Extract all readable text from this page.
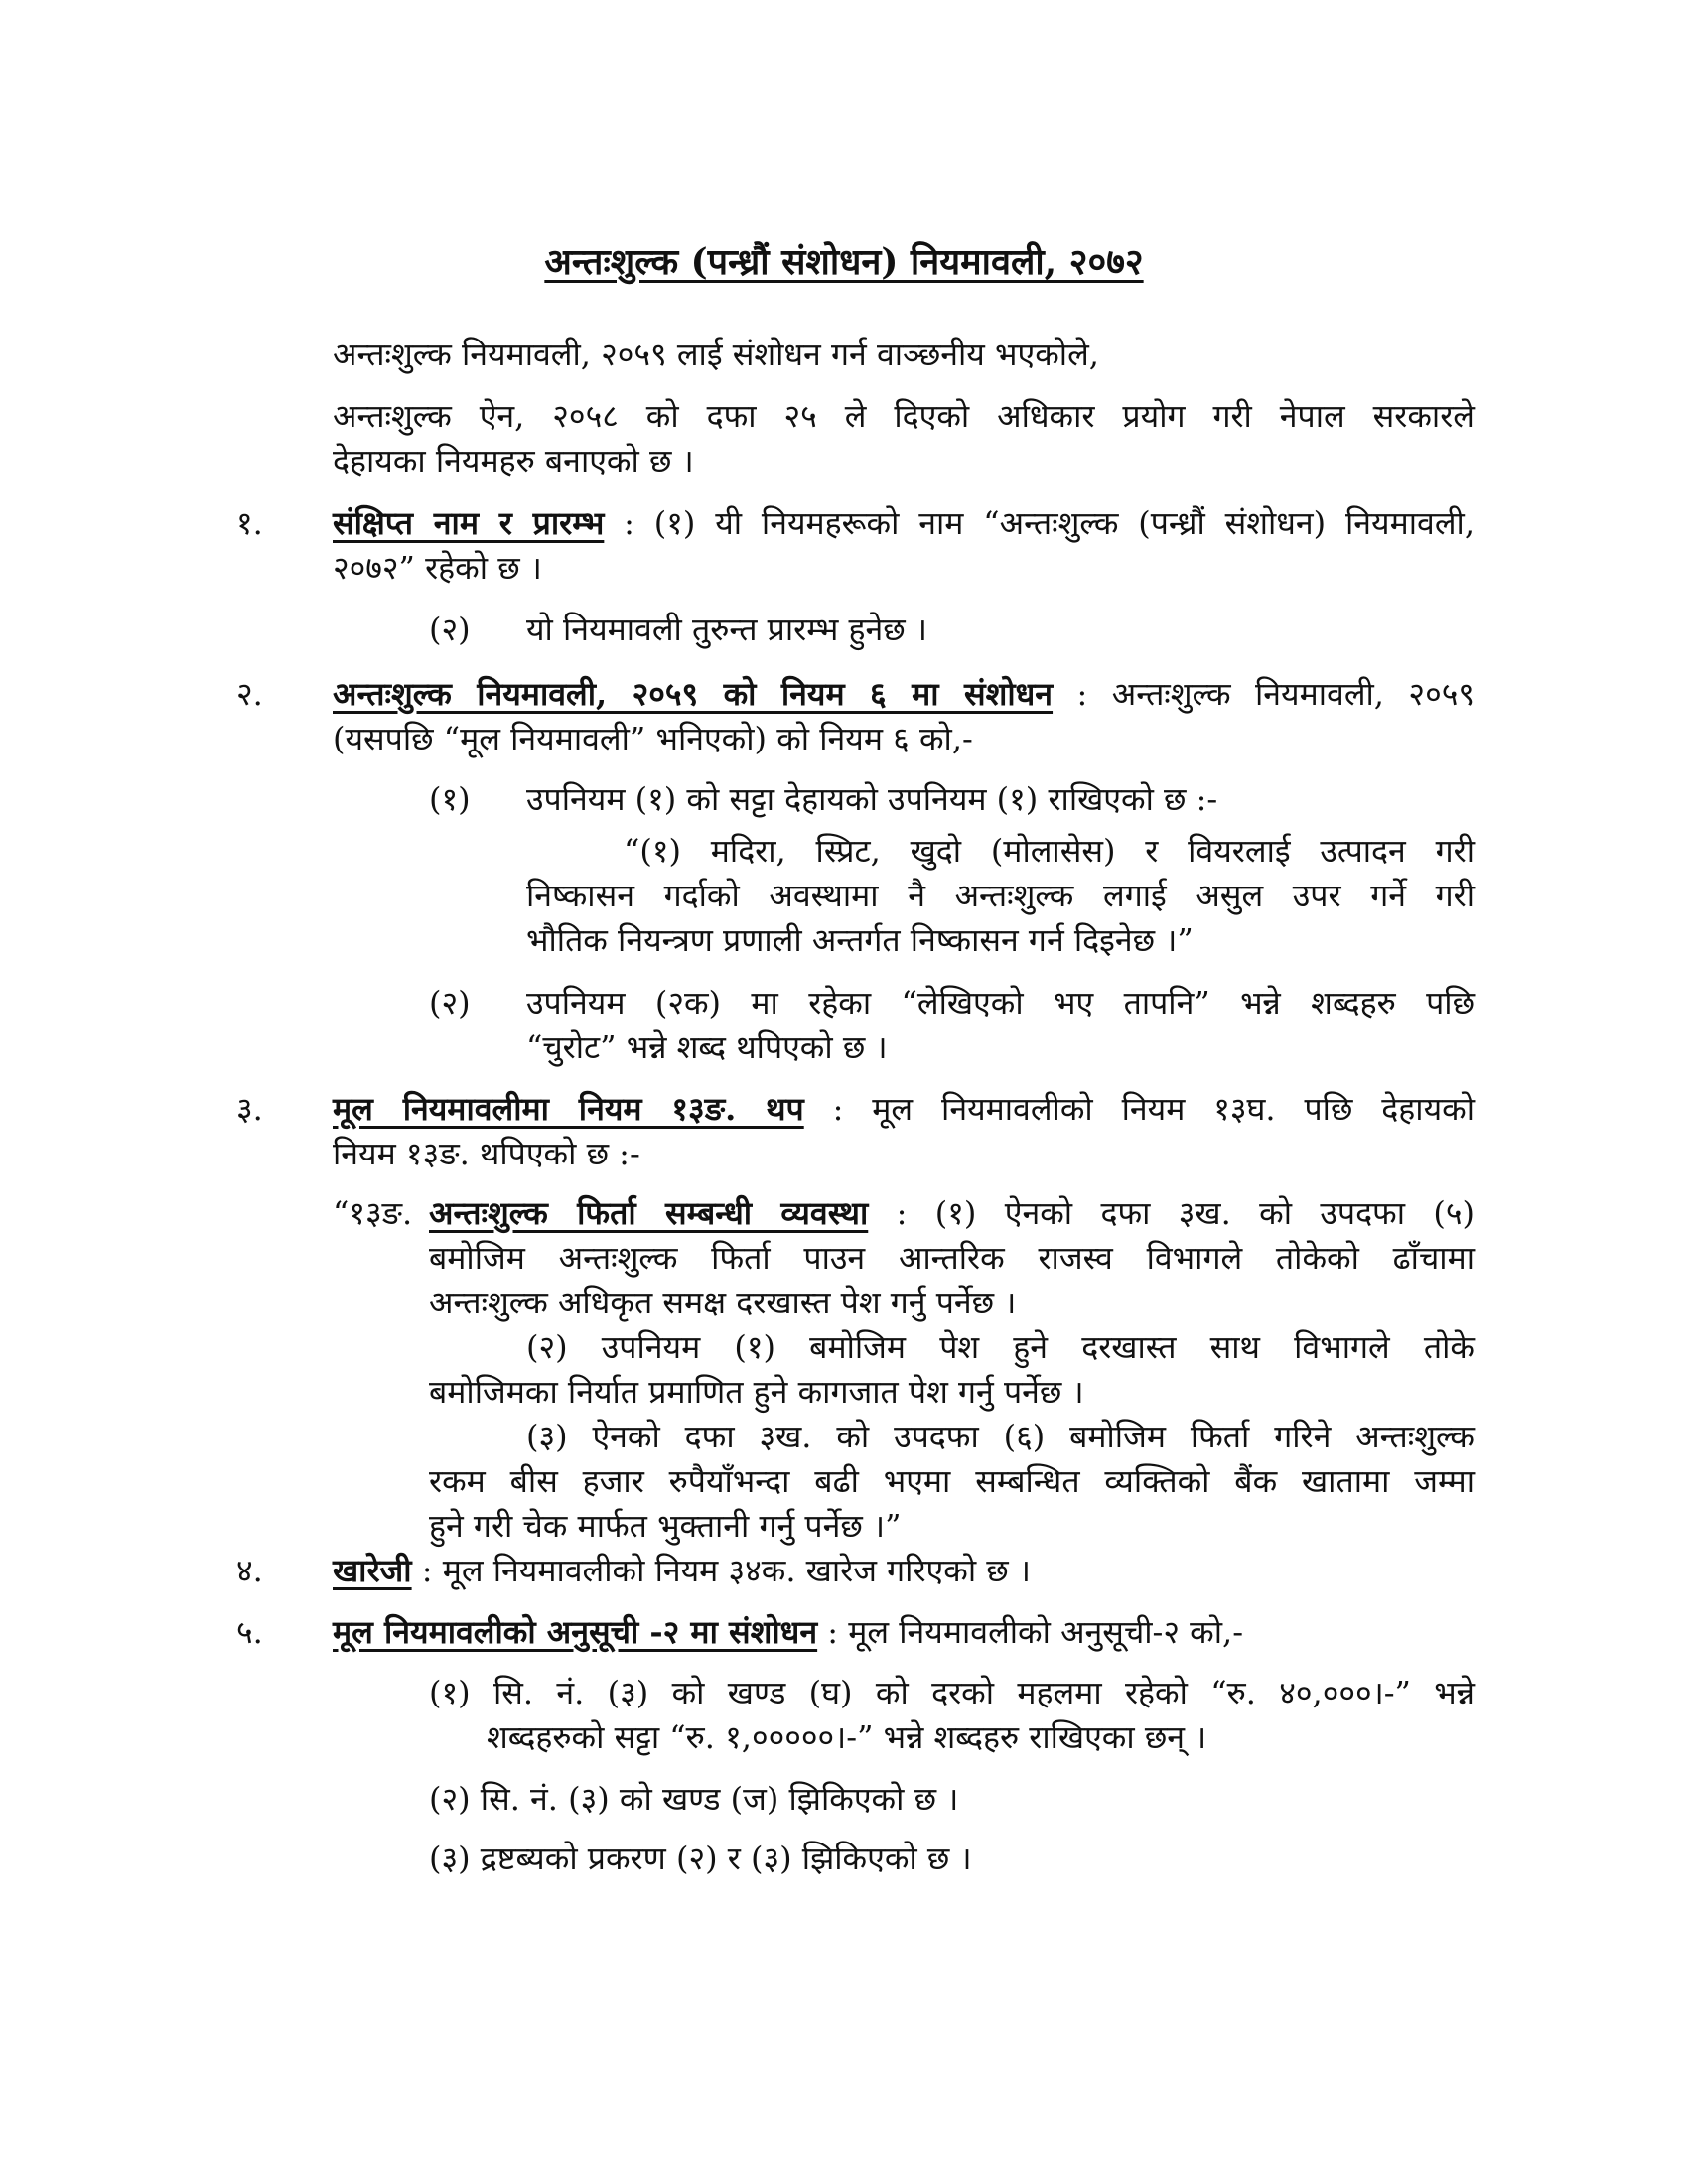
अन्तःशुल्क (पन्ध्रौं संशोधन) नियमावली, २०७२
अन्तःशुल्क नियमावली, २०५९ लाई संशोधन गर्न वाञ्छनीय भएकोले,
अन्तःशुल्क ऐन, २०५८ को दफा २५ ले दिएको अधिकार प्रयोग गरी नेपाल सरकारले
देहायका नियमहरु बनाएको छ ।
१.	संक्षिप्त नाम र प्रारम्भ : (१) यी नियमहरूको नाम “अन्तःशुल्क (पन्ध्रौं संशोधन) नियमावली,
२०७२” रहेको छ ।
(२)	यो नियमावली तुरुन्त प्रारम्भ हुनेछ ।
२.	अन्तःशुल्क नियमावली, २०५९ को नियम ६ मा संशोधन : अन्तःशुल्क नियमावली, २०५९
(यसपछि “मूल नियमावली” भनिएको) को नियम ६ को,-
(१)	उपनियम (१) को सट्टा देहायको उपनियम (१) राखिएको छ :-
“(१) मदिरा, स्प्रिट, खुदो (मोलासेस) र वियरलाई उत्पादन गरी
निष्कासन गर्दाको अवस्थामा नै अन्तःशुल्क लगाई असुल उपर गर्ने गरी
भौतिक नियन्त्रण प्रणाली अन्तर्गत निष्कासन गर्न दिइनेछ ।”
(२)	उपनियम (२क) मा रहेका “लेखिएको भए तापनि” भन्ने शब्दहरु पछि
“चुरोट” भन्ने शब्द थपिएको छ ।
३.	मूल नियमावलीमा नियम १३ङ. थप : मूल नियमावलीको नियम १३घ. पछि देहायको
नियम १३ङ. थपिएको छ :-
“१३ङ. अन्तःशुल्क फिर्ता सम्बन्धी व्यवस्था : (१) ऐनको दफा ३ख. को उपदफा (५)
बमोजिम अन्तःशुल्क फिर्ता पाउन आन्तरिक राजस्व विभागले तोकेको ढाँचामा
अन्तःशुल्क अधिकृत समक्ष दरखास्त पेश गर्नु पर्नेछ ।
(२) उपनियम (१) बमोजिम पेश हुने दरखास्त साथ विभागले तोके
बमोजिमका निर्यात प्रमाणित हुने कागजात पेश गर्नु पर्नेछ ।
(३) ऐनको दफा ३ख. को उपदफा (६) बमोजिम फिर्ता गरिने अन्तःशुल्क
रकम बीस हजार रुपैयाँभन्दा बढी भएमा सम्बन्धित व्यक्तिको बैंक खातामा जम्मा
हुने गरी चेक मार्फत भुक्तानी गर्नु पर्नेछ ।”
४.	खारेजी : मूल नियमावलीको नियम ३४क. खारेज गरिएको छ ।
५.	मूल नियमावलीको अनुसूची -२ मा संशोधन : मूल नियमावलीको अनुसूची-२ को,-
(१) सि. नं. (३) को खण्ड (घ) को दरको महलमा रहेको “रु. ४०,०००।-” भन्ने
शब्दहरुको सट्टा “रु. १,०००००।-” भन्ने शब्दहरु राखिएका छन् ।
(२) सि. नं. (३) को खण्ड (ज) झिकिएको छ ।
(३) द्रष्टब्यको प्रकरण (२) र (३) झिकिएको छ ।
